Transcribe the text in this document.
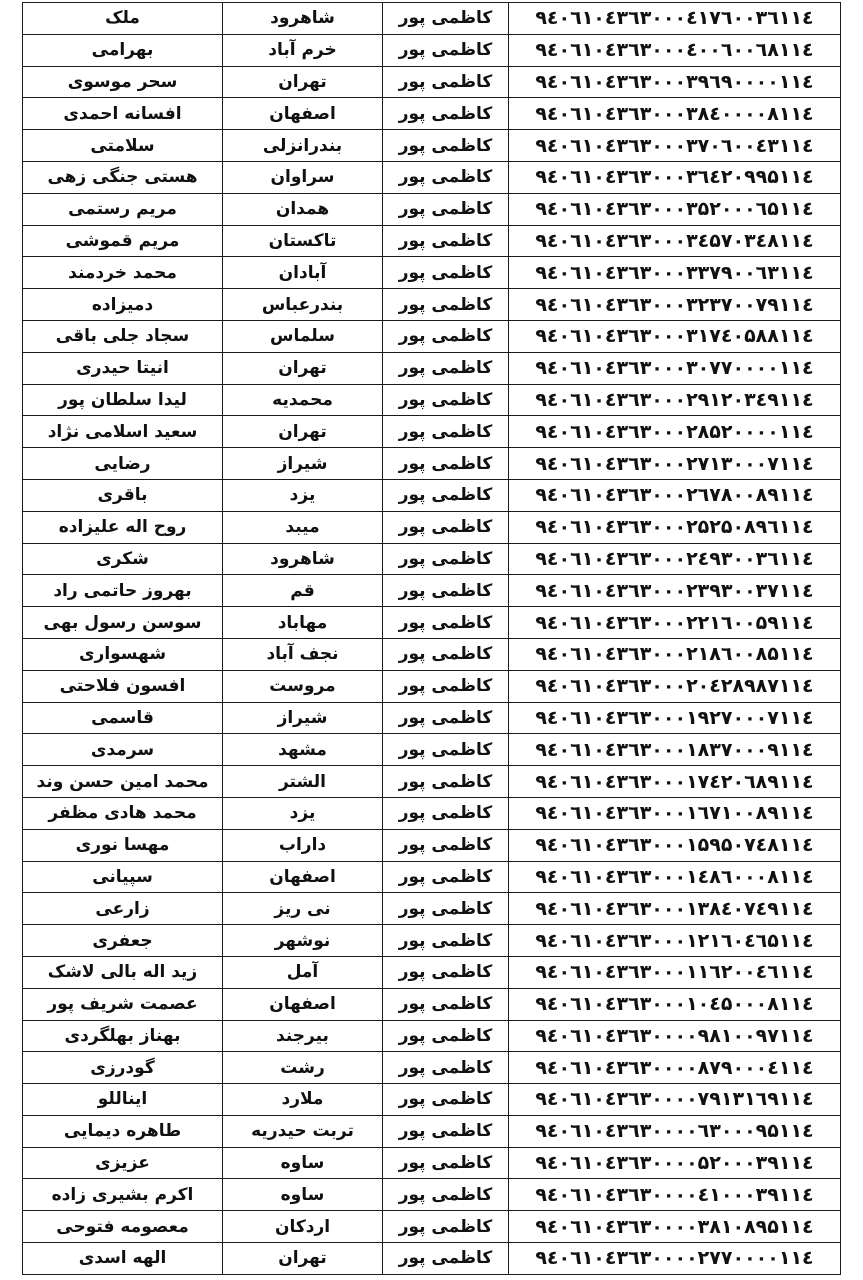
ملک	شاهرود	کاظمی پور	۹٤۰٦۱۰٤۳٦۳۰۰۰٤۱۷٦۰۰۳٦۱۱٤
بهرامی	خرم آباد	کاظمی پور	۹٤۰٦۱۰٤۳٦۳۰۰۰٤۰۰٦۰۰٦۸۱۱٤
سحر موسوی	تهران	کاظمی پور	۹٤۰٦۱۰٤۳٦۳۰۰۰۳۹٦۹۰۰۰۰۱۱٤
افسانه احمدی	اصفهان	کاظمی پور	۹٤۰٦۱۰٤۳٦۳۰۰۰۳۸٤۰۰۰۰۸۱۱٤
سلامتی	بندرانزلی	کاظمی پور	۹٤۰٦۱۰٤۳٦۳۰۰۰۳۷۰٦۰۰٤۳۱۱٤
هستی جنگی زهی	سراوان	کاظمی پور	۹٤۰٦۱۰٤۳٦۳۰۰۰۳٦٤۲۰۹۹۵۱۱٤
مریم رستمی	همدان	کاظمی پور	۹٤۰٦۱۰٤۳٦۳۰۰۰۳۵۲۰۰۰٦۵۱۱٤
مریم قموشی	تاکستان	کاظمی پور	۹٤۰٦۱۰٤۳٦۳۰۰۰۳٤۵۷۰۳٤۸۱۱٤
محمد خردمند	آبادان	کاظمی پور	۹٤۰٦۱۰٤۳٦۳۰۰۰۳۳۷۹۰۰٦۳۱۱٤
دمیزاده	بندرعباس	کاظمی پور	۹٤۰٦۱۰٤۳٦۳۰۰۰۳۲۳۷۰۰۷۹۱۱٤
سجاد جلی باقی	سلماس	کاظمی پور	۹٤۰٦۱۰٤۳٦۳۰۰۰۳۱۷٤۰۵۸۸۱۱٤
انیتا حیدری	تهران	کاظمی پور	۹٤۰٦۱۰٤۳٦۳۰۰۰۳۰۷۷۰۰۰۰۱۱٤
لیدا سلطان پور	محمدیه	کاظمی پور	۹٤۰٦۱۰٤۳٦۳۰۰۰۲۹۱۲۰۳٤۹۱۱٤
سعید اسلامی نژاد	تهران	کاظمی پور	۹٤۰٦۱۰٤۳٦۳۰۰۰۲۸۵۲۰۰۰۰۱۱٤
رضایی	شیراز	کاظمی پور	۹٤۰٦۱۰٤۳٦۳۰۰۰۲۷۱۳۰۰۰۷۱۱٤
باقری	یزد	کاظمی پور	۹٤۰٦۱۰٤۳٦۳۰۰۰۲٦۷۸۰۰۸۹۱۱٤
روح اله علیزاده	میبد	کاظمی پور	۹٤۰٦۱۰٤۳٦۳۰۰۰۲۵۲۵۰۸۹٦۱۱٤
شکری	شاهرود	کاظمی پور	۹٤۰٦۱۰٤۳٦۳۰۰۰۲٤۹۳۰۰۳٦۱۱٤
بهروز حاتمی راد	قم	کاظمی پور	۹٤۰٦۱۰٤۳٦۳۰۰۰۲۳۹۳۰۰۳۷۱۱٤
سوسن رسول بهی	مهاباد	کاظمی پور	۹٤۰٦۱۰٤۳٦۳۰۰۰۲۲۱٦۰۰۵۹۱۱٤
شهسواری	نجف آباد	کاظمی پور	۹٤۰٦۱۰٤۳٦۳۰۰۰۲۱۸٦۰۰۸۵۱۱٤
افسون فلاحتی	مروست	کاظمی پور	۹٤۰٦۱۰٤۳٦۳۰۰۰۲۰٤۲۸۹۸۷۱۱٤
قاسمی	شیراز	کاظمی پور	۹٤۰٦۱۰٤۳٦۳۰۰۰۱۹۲۷۰۰۰۷۱۱٤
سرمدی	مشهد	کاظمی پور	۹٤۰٦۱۰٤۳٦۳۰۰۰۱۸۳۷۰۰۰۹۱۱٤
محمد امین حسن وند	الشتر	کاظمی پور	۹٤۰٦۱۰٤۳٦۳۰۰۰۱۷٤۲۰٦۸۹۱۱٤
محمد هادی مظفر	یزد	کاظمی پور	۹٤۰٦۱۰٤۳٦۳۰۰۰۱٦۷۱۰۰۸۹۱۱٤
مهسا نوری	داراب	کاظمی پور	۹٤۰٦۱۰٤۳٦۳۰۰۰۱۵۹۵۰۷٤۸۱۱٤
سپیانی	اصفهان	کاظمی پور	۹٤۰٦۱۰٤۳٦۳۰۰۰۱٤۸٦۰۰۰۸۱۱٤
زارعی	نی ریز	کاظمی پور	۹٤۰٦۱۰٤۳٦۳۰۰۰۱۳۸٤۰۷٤۹۱۱٤
جعفری	نوشهر	کاظمی پور	۹٤۰٦۱۰٤۳٦۳۰۰۰۱۲۱٦۰٤٦۵۱۱٤
زید اله بالی لاشک	آمل	کاظمی پور	۹٤۰٦۱۰٤۳٦۳۰۰۰۱۱٦۲۰۰٤٦۱۱٤
عصمت شریف پور	اصفهان	کاظمی پور	۹٤۰٦۱۰٤۳٦۳۰۰۰۱۰٤۵۰۰۰۸۱۱٤
بهناز بهلگردی	بیرجند	کاظمی پور	۹٤۰٦۱۰٤۳٦۳۰۰۰۰۹۸۱۰۰۹۷۱۱٤
گودرزی	رشت	کاظمی پور	۹٤۰٦۱۰٤۳٦۳۰۰۰۰۸۷۹۰۰۰٤۱۱٤
ایناللو	ملارد	کاظمی پور	۹٤۰٦۱۰٤۳٦۳۰۰۰۰۷۹۱۳۱٦۹۱۱٤
طاهره دیمایی	تربت حیدریه	کاظمی پور	۹٤۰٦۱۰٤۳٦۳۰۰۰۰٦۳۰۰۰۹۵۱۱٤
عزیزی	ساوه	کاظمی پور	۹٤۰٦۱۰٤۳٦۳۰۰۰۰۵۲۰۰۰۳۹۱۱٤
اکرم بشیری زاده	ساوه	کاظمی پور	۹٤۰٦۱۰٤۳٦۳۰۰۰۰٤۱۰۰۰۳۹۱۱٤
معصومه فتوحی	اردکان	کاظمی پور	۹٤۰٦۱۰٤۳٦۳۰۰۰۰۳۸۱۰۸۹۵۱۱٤
الهه اسدی	تهران	کاظمی پور	۹٤۰٦۱۰٤۳٦۳۰۰۰۰۲۷۷۰۰۰۰۱۱٤
